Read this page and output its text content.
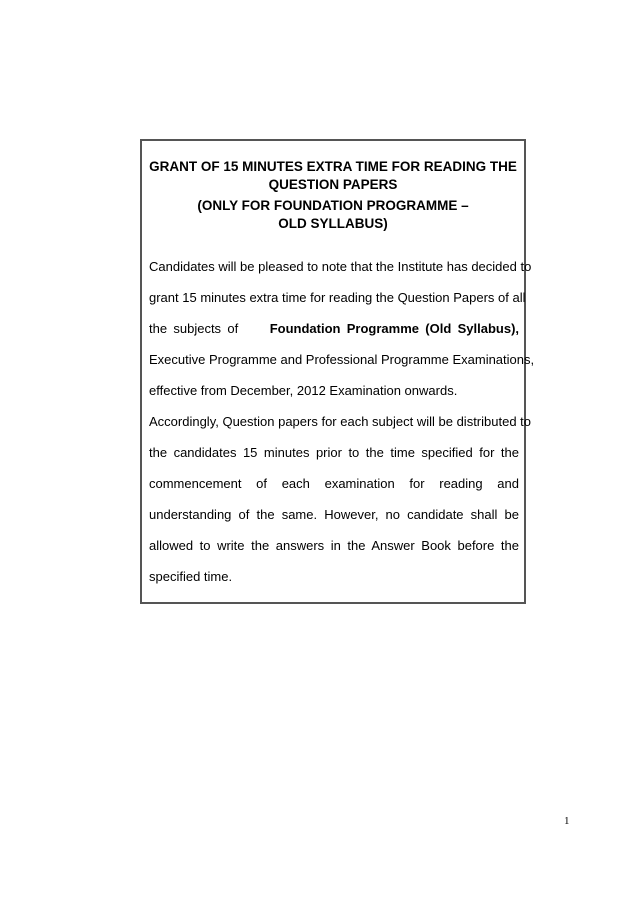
GRANT OF 15 MINUTES EXTRA TIME FOR READING THE
QUESTION PAPERS
(ONLY FOR FOUNDATION PROGRAMME –
OLD SYLLABUS)
Candidates will be pleased to note that the Institute has decided to
grant 15 minutes extra time for reading the Question Papers of all
the subjects of Foundation Programme (Old Syllabus),
Executive Programme and Professional Programme Examinations,
effective from December, 2012 Examination onwards.
Accordingly, Question papers for each subject will be distributed to
the candidates 15 minutes prior to the time specified for the
commencement of each examination for reading and
understanding of the same. However, no candidate shall be
allowed to write the answers in the Answer Book before the
specified time.
1
